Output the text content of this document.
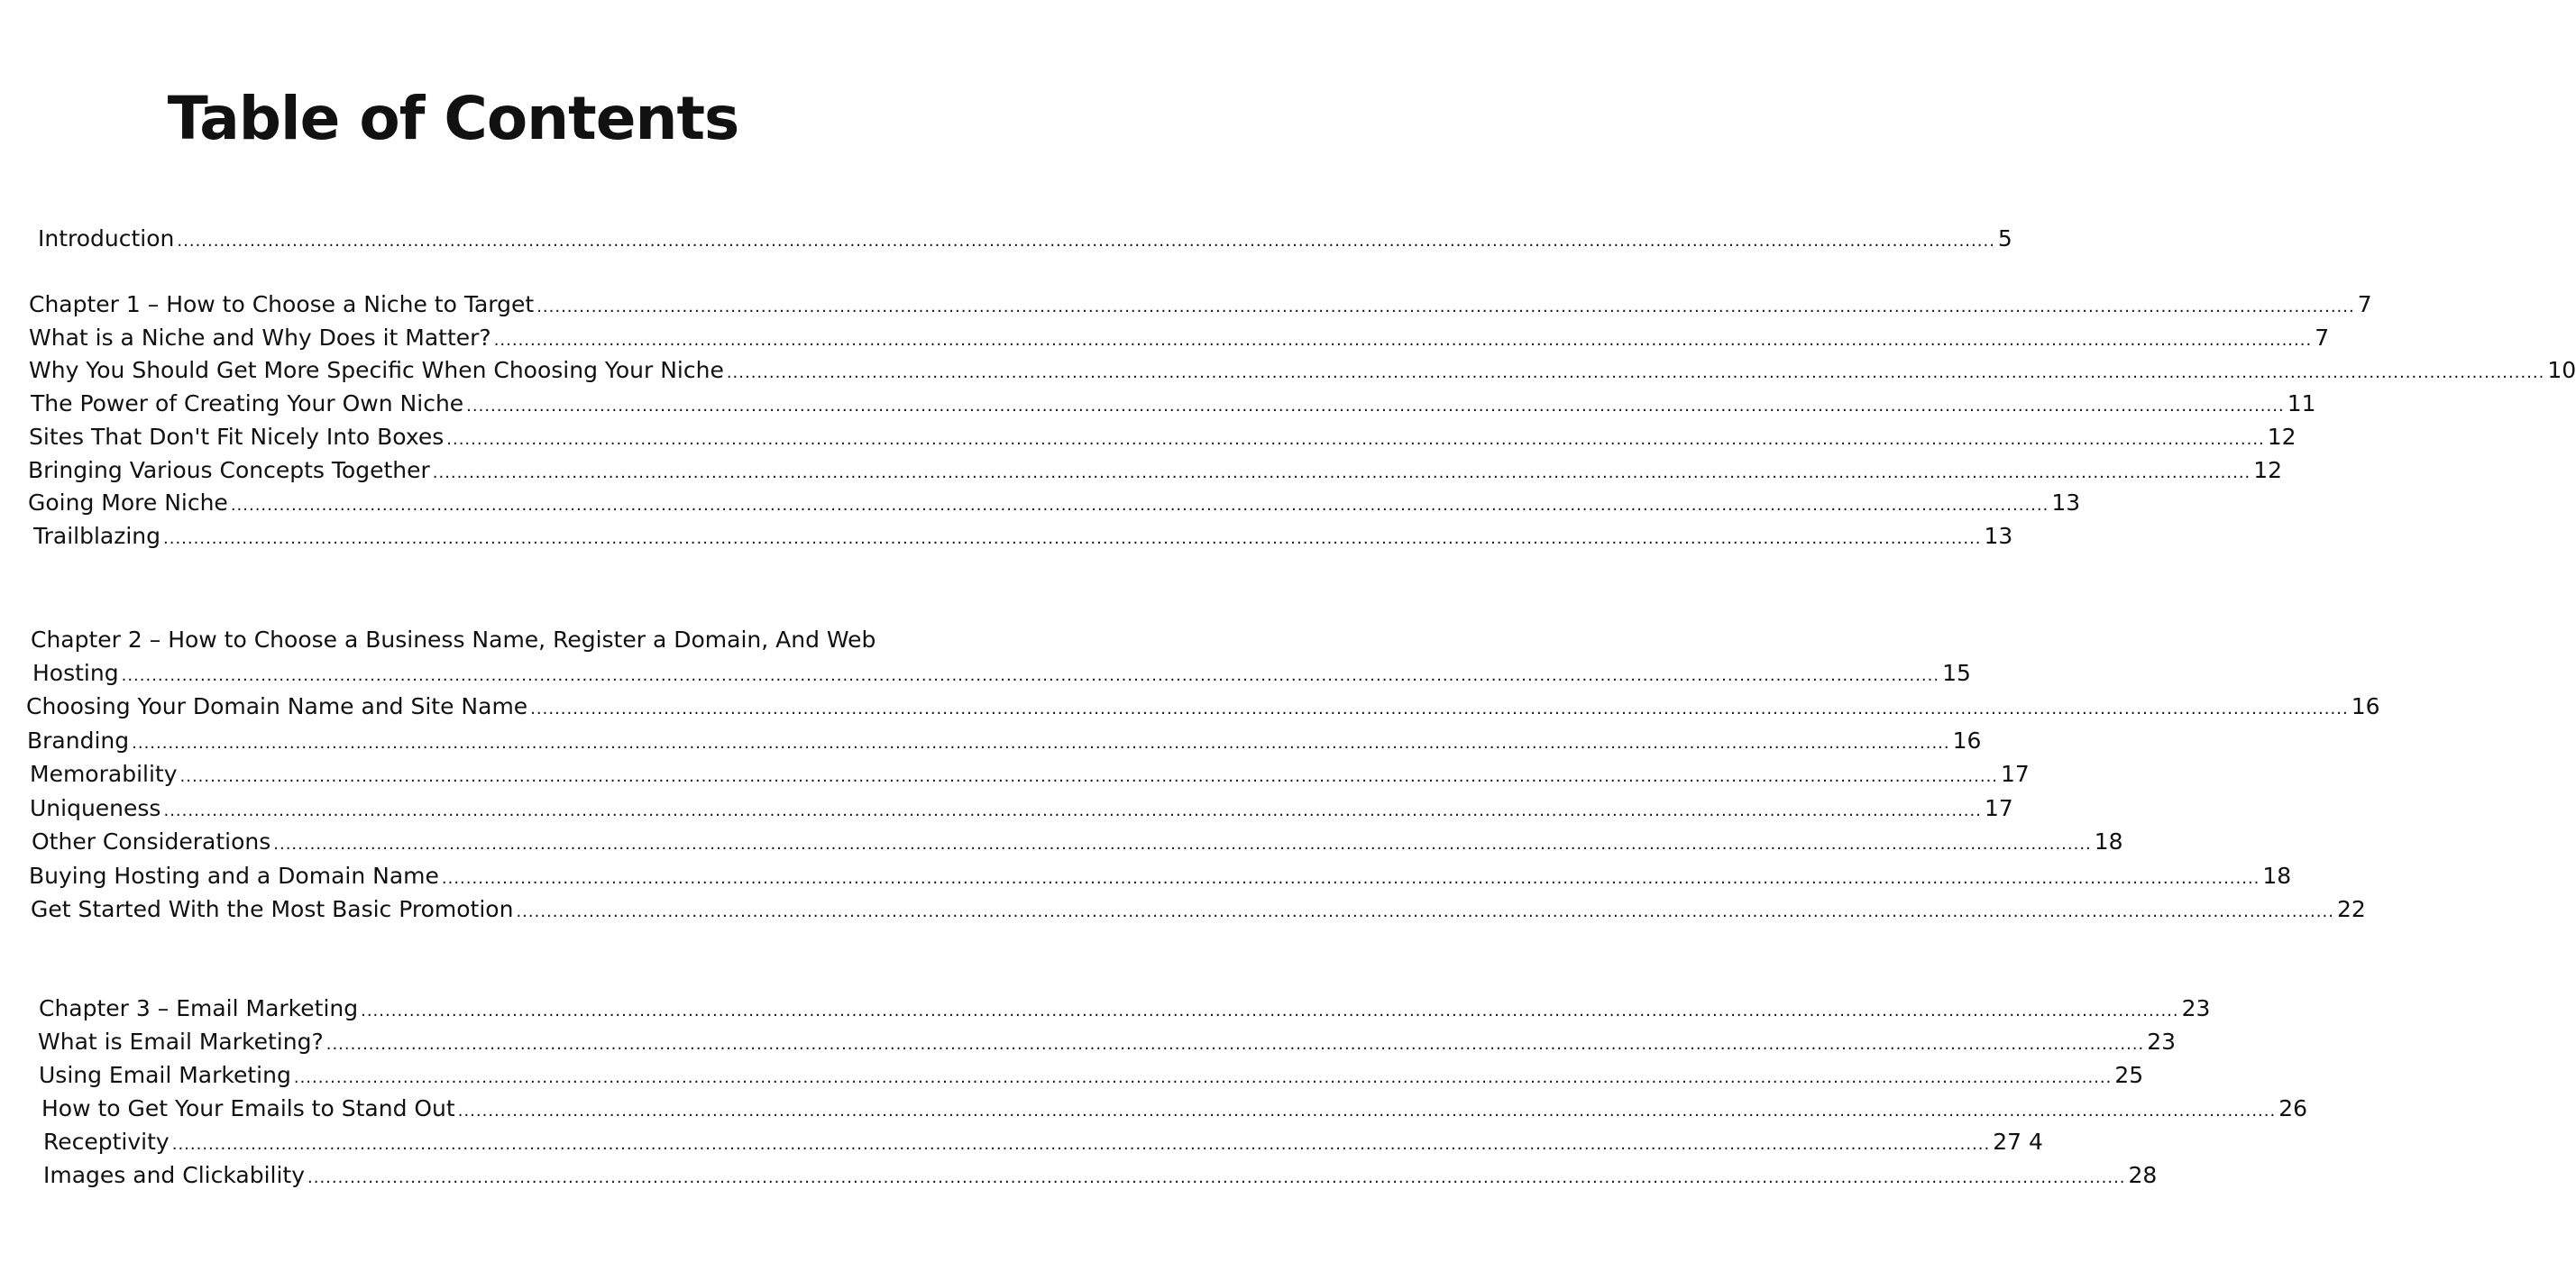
Table of Contents
Introduction ............................................................................................................................................................................................................................................................................................................ 5
Chapter 1 – How to Choose a Niche to Target ............................................................................................................................................................................................................................................................................................................ 7
What is a Niche and Why Does it Matter? ............................................................................................................................................................................................................................................................................................................ 7
Why You Should Get More Specific When Choosing Your Niche ............................................................................................................................................................................................................................................................................................................ 10
The Power of Creating Your Own Niche ............................................................................................................................................................................................................................................................................................................ 11
Sites That Don't Fit Nicely Into Boxes ............................................................................................................................................................................................................................................................................................................ 12
Bringing Various Concepts Together ............................................................................................................................................................................................................................................................................................................ 12
Going More Niche ............................................................................................................................................................................................................................................................................................................ 13
Trailblazing ............................................................................................................................................................................................................................................................................................................ 13
Chapter 2 – How to Choose a Business Name, Register a Domain, And Web
Hosting ............................................................................................................................................................................................................................................................................................................ 15
Choosing Your Domain Name and Site Name ............................................................................................................................................................................................................................................................................................................ 16
Branding ............................................................................................................................................................................................................................................................................................................ 16
Memorability ............................................................................................................................................................................................................................................................................................................ 17
Uniqueness ............................................................................................................................................................................................................................................................................................................ 17
Other Considerations ............................................................................................................................................................................................................................................................................................................ 18
Buying Hosting and a Domain Name ............................................................................................................................................................................................................................................................................................................ 18
Get Started With the Most Basic Promotion ............................................................................................................................................................................................................................................................................................................ 22
Chapter 3 – Email Marketing ............................................................................................................................................................................................................................................................................................................ 23
What is Email Marketing? ............................................................................................................................................................................................................................................................................................................ 23
Using Email Marketing ............................................................................................................................................................................................................................................................................................................ 25
How to Get Your Emails to Stand Out ............................................................................................................................................................................................................................................................................................................ 26
Receptivity ............................................................................................................................................................................................................................................................................................................ 27 4
Images and Clickability ............................................................................................................................................................................................................................................................................................................ 28
